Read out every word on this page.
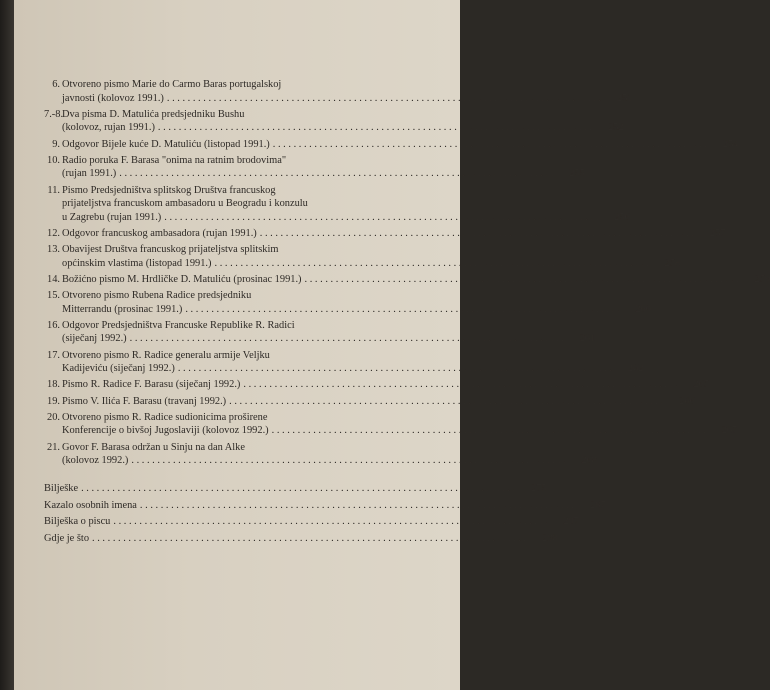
6. Otvoreno pismo Marie do Carmo Baras portugalskoj
javnosti (kolovoz 1991.) ....................................................................................	251
7.-8.
Dva pisma D. Matulića predsjedniku Bushu
(kolovoz, rujan 1991.) ....................................................................................	252
9. Odgovor Bijele kuće D. Matuliću (listopad 1991.) ....................................................................................	254
10. Radio poruka F. Barasa "onima na ratnim brodovima"
(rujan 1991.) ....................................................................................	255
11. Pismo Predsjedništva splitskog Društva francuskog
prijateljstva francuskom ambasadoru u Beogradu i konzulu
u Zagrebu (rujan 1991.) ....................................................................................	256
12. Odgovor francuskog ambasadora (rujan 1991.) ....................................................................................	257
13. Obavijest Društva francuskog prijateljstva splitskim
općinskim vlastima (listopad 1991.) ....................................................................................	258
14. Božićno pismo M. Hrdličke D. Matuliću (prosinac 1991.) ....................................................................................	259
15. Otvoreno pismo Rubena Radice predsjedniku
Mitterrandu (prosinac 1991.) ....................................................................................	260
16. Odgovor Predsjedništva Francuske Republike R. Radici
(siječanj 1992.) ....................................................................................	261
17. Otvoreno pismo R. Radice generalu armije Veljku
Kadijeviću (siječanj 1992.) ....................................................................................	262
18. Pismo R. Radice F. Barasu (siječanj 1992.) ....................................................................................	265
19. Pismo V. Ilića F. Barasu (travanj 1992.) ....................................................................................	266
20. Otvoreno pismo R. Radice sudionicima proširene
Konferencije o bivšoj Jugoslaviji (kolovoz 1992.) ....................................................................................	267
21. Govor F. Barasa održan u Sinju na dan Alke
(kolovoz 1992.) ....................................................................................	268
Bilješke ....................................................................................	275
Kazalo osobnih imena ....................................................................................	287
Bilješka o piscu ....................................................................................	297
Gdje je što ....................................................................................	298
